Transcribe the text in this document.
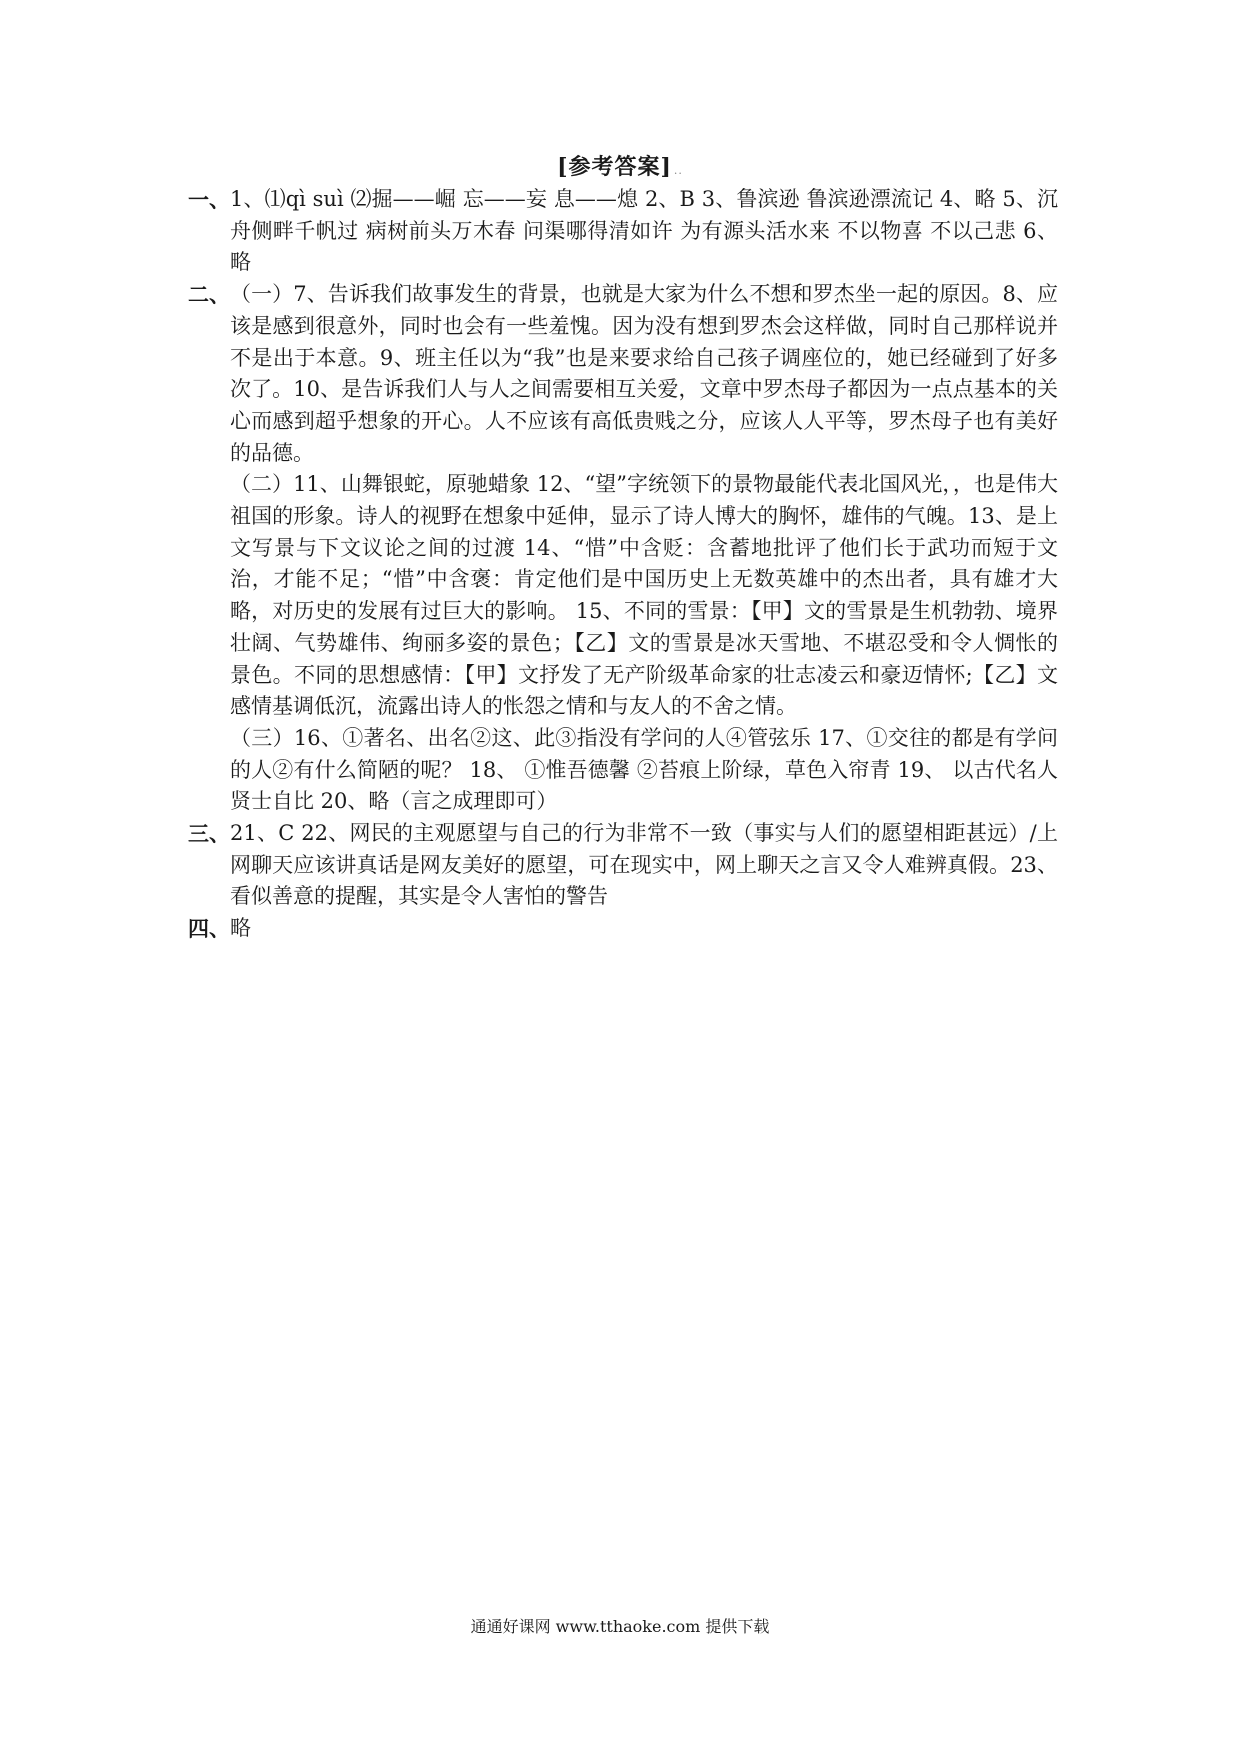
[参考答案] ..
一、 1、⑴qì suì ⑵掘——崛 忘——妄 息——熄 2、B 3、鲁滨逊 鲁滨逊漂流记 4、略 5、沉舟侧畔千帆过 病树前头万木春 问渠哪得清如许 为有源头活水来 不以物喜 不以己悲 6、略
二、 （一）7、告诉我们故事发生的背景，也就是大家为什么不想和罗杰坐一起的原因。8、应该是感到很意外，同时也会有一些羞愧。因为没有想到罗杰会这样做，同时自己那样说并不是出于本意。9、班主任以为“我”也是来要求给自己孩子调座位的，她已经碰到了好多次了。10、是告诉我们人与人之间需要相互关爱，文章中罗杰母子都因为一点点基本的关心而感到超乎想象的开心。人不应该有高低贵贱之分，应该人人平等，罗杰母子也有美好的品德。
（二）11、山舞银蛇，原驰蜡象 12、“望”字统领下的景物最能代表北国风光，，也是伟大祖国的形象。诗人的视野在想象中延伸，显示了诗人博大的胸怀，雄伟的气魄。13、是上文写景与下文议论之间的过渡 14、“惜”中含贬：含蓄地批评了他们长于武功而短于文治，才能不足；“惜”中含褒：肯定他们是中国历史上无数英雄中的杰出者，具有雄才大略，对历史的发展有过巨大的影响。 15、不同的雪景：【甲】文的雪景是生机勃勃、境界壮阔、气势雄伟、绚丽多姿的景色；【乙】文的雪景是冰天雪地、不堪忍受和令人惆怅的景色。不同的思想感情：【甲】文抒发了无产阶级革命家的壮志凌云和豪迈情怀;【乙】文感情基调低沉，流露出诗人的怅怨之情和与友人的不舍之情。
（三）16、①著名、出名②这、此③指没有学问的人④管弦乐 17、①交往的都是有学问的人②有什么简陋的呢？ 18、 ①惟吾德馨 ②苔痕上阶绿，草色入帘青 19、 以古代名人贤士自比 20、略（言之成理即可）
三、 21、C 22、网民的主观愿望与自己的行为非常不一致（事实与人们的愿望相距甚远）/上网聊天应该讲真话是网友美好的愿望，可在现实中，网上聊天之言又令人难辨真假。23、看似善意的提醒，其实是令人害怕的警告
四、 略
通通好课网 www.tthaoke.com 提供下载
